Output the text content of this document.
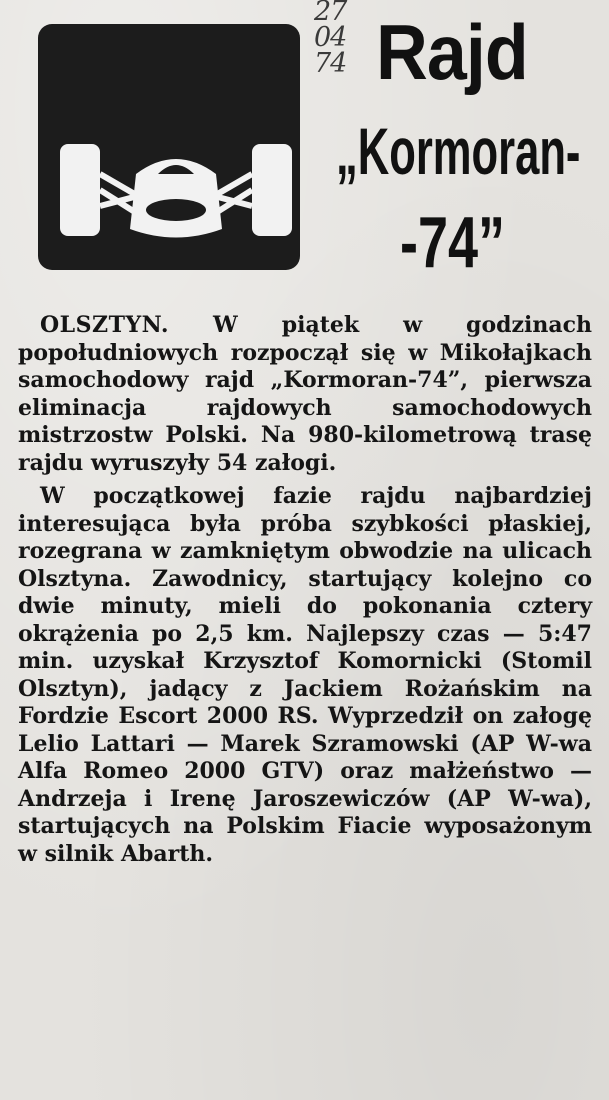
27
04
74 Rajd
„Kormoran-
-74”

OLSZTYN. W piątek w godzinach popołudniowych rozpoczął się w Mikołajkach samochodowy rajd „Kormoran-74”, pierwsza eliminacja rajdowych samochodowych mistrzostw Polski. Na 980-kilometrową trasę rajdu wyruszyły 54 załogi.

W początkowej fazie rajdu najbardziej interesująca była próba szybkości płaskiej, rozegrana w zamkniętym obwodzie na ulicach Olsztyna. Zawodnicy, startujący kolejno co dwie minuty, mieli do pokonania cztery okrążenia po 2,5 km. Najlepszy czas — 5:47 min. uzyskał Krzysztof Komornicki (Stomil Olsztyn), jadący z Jackiem Rożańskim na Fordzie Escort 2000 RS. Wyprzedził on załogę Lelio Lattari — Marek Szramowski (AP W-wa Alfa Romeo 2000 GTV) oraz małżeństwo — Andrzeja i Irenę Jaroszewiczów (AP W-wa), startujących na Polskim Fiacie wyposażonym w silnik Abarth.
